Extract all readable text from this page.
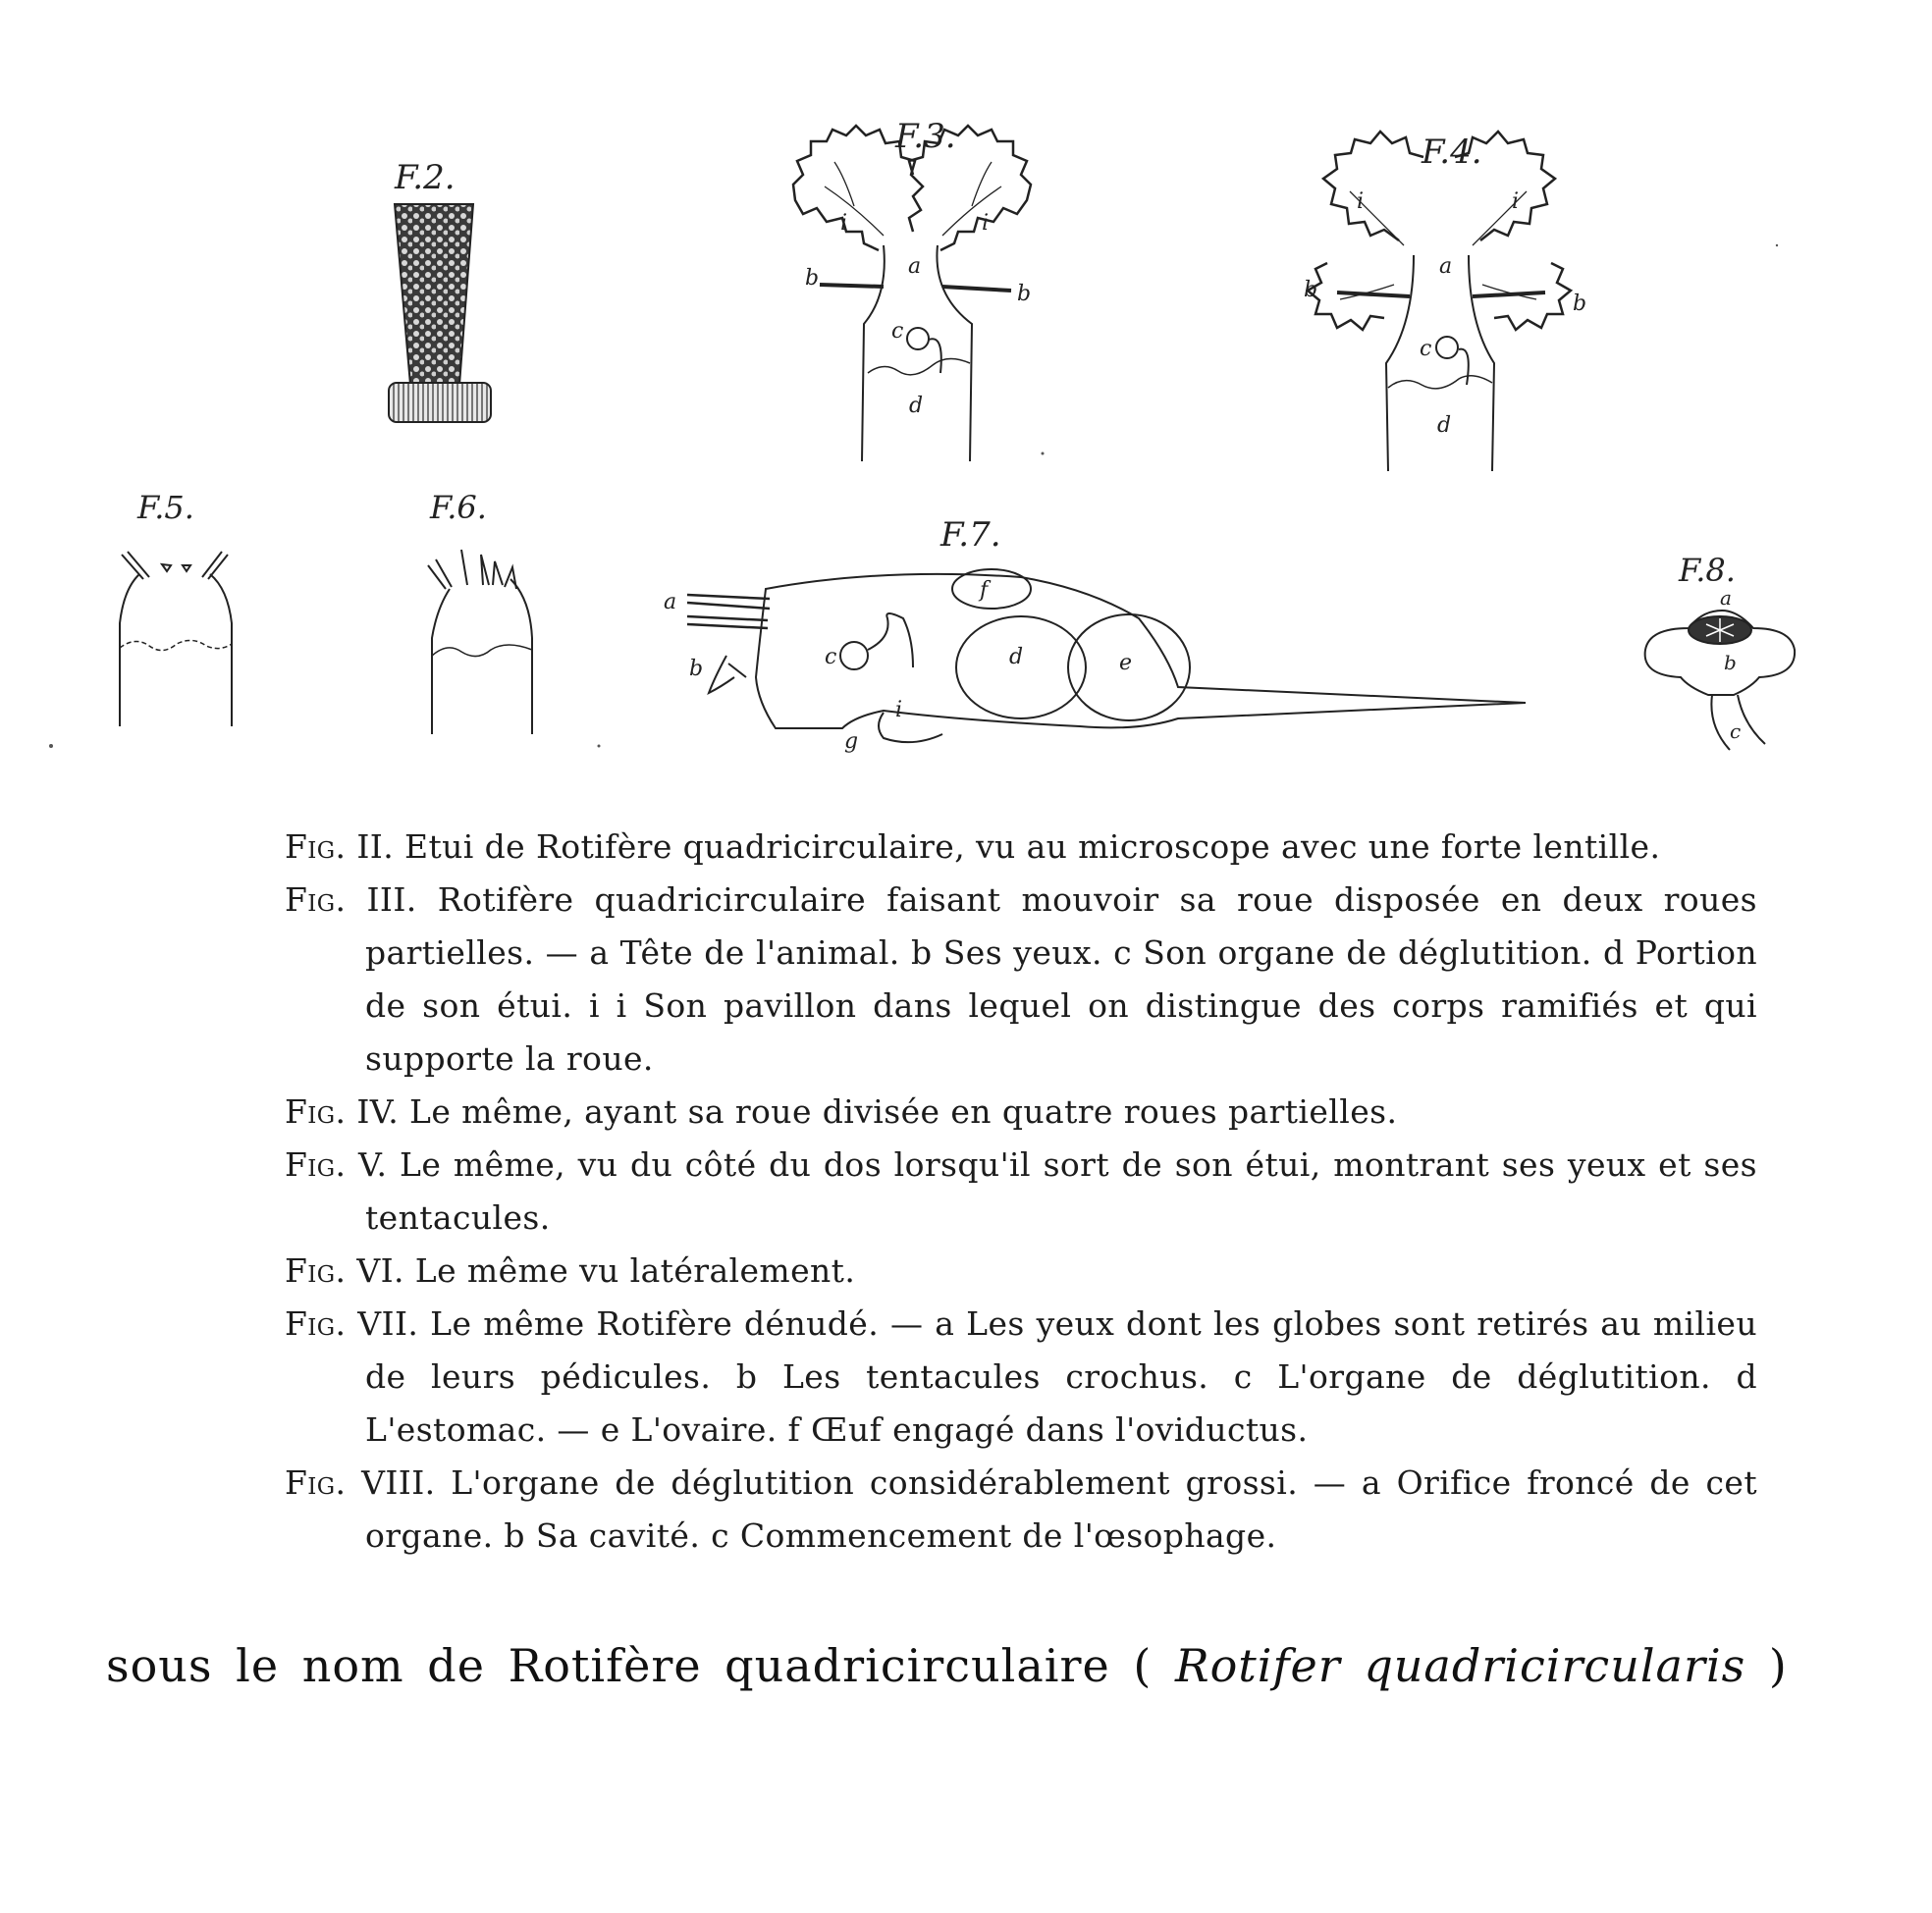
F.2.
F.3.
i	i
a
b
b
c
d
F.4.
i	i
a
b
b
c
d
F.5.	F.6.
F.7.
a
b	c	d	e
f
i
g
F.8.
a
b
c

Fig. II. Etui de Rotifère quadricirculaire, vu au microscope avec une forte lentille.

Fig. III. Rotifère quadricirculaire faisant mouvoir sa roue disposée en deux roues partielles. — a Tête de l'animal. b Ses yeux. c Son organe de déglutition. d Portion de son étui. i i Son pavillon dans lequel on distingue des corps ramifiés et qui supporte la roue.

Fig. IV. Le même, ayant sa roue divisée en quatre roues partielles.

Fig. V. Le même, vu du côté du dos lorsqu'il sort de son étui, montrant ses yeux et ses tentacules.

Fig. VI. Le même vu latéralement.

Fig. VII. Le même Rotifère dénudé. — a Les yeux dont les globes sont retirés au milieu de leurs pédicules. b Les tentacules crochus. c L'organe de déglutition. d L'estomac. — e L'ovaire. f Œuf engagé dans l'oviductus.

Fig. VIII. L'organe de déglutition considérablement grossi. — a Orifice froncé de cet organe. b Sa cavité. c Commencement de l'œsophage.

sous le nom de Rotifère quadricirculaire ( Rotifer quadricircularis )
